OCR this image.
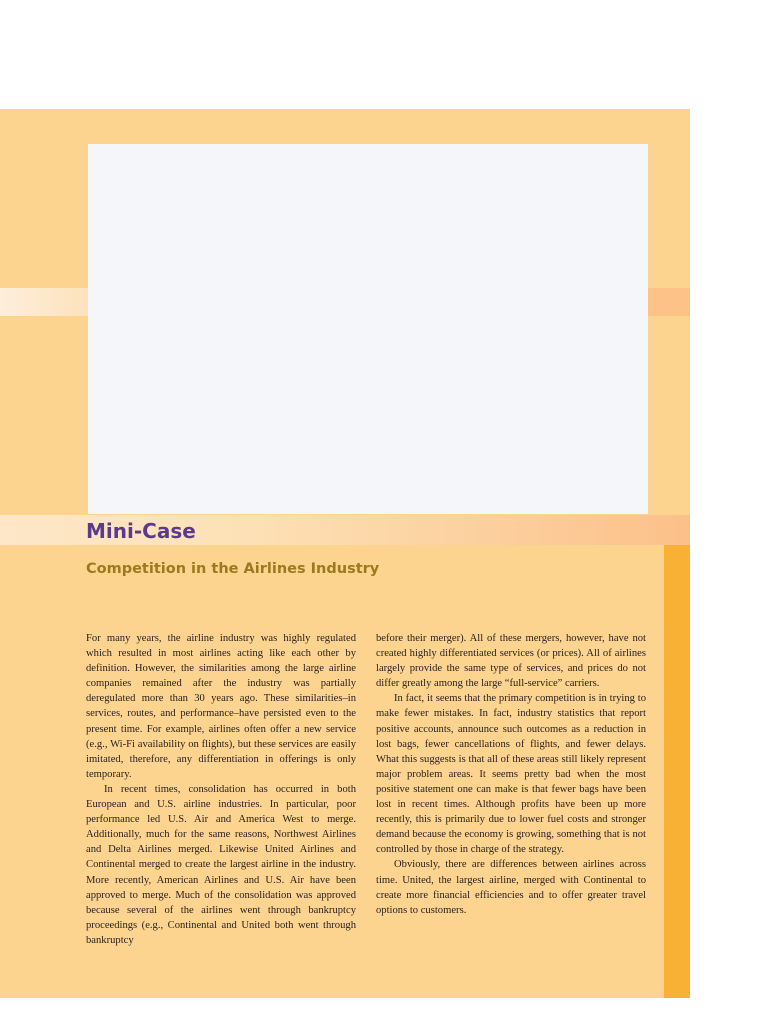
Mini-Case
Competition in the Airlines Industry

For many years, the airline industry was highly regulated which resulted in most airlines acting like each other by definition. However, the similarities among the large airline companies remained after the industry was partially deregulated more than 30 years ago. These similarities–in services, routes, and performance–have persisted even to the present time. For example, airlines often offer a new service (e.g., Wi-Fi availability on flights), but these services are easily imitated, therefore, any differentiation in offerings is only temporary.

In recent times, consolidation has occurred in both European and U.S. airline industries. In particular, poor performance led U.S. Air and America West to merge. Additionally, much for the same reasons, Northwest Airlines and Delta Airlines merged. Likewise United Airlines and Continental merged to create the largest airline in the industry. More recently, American Airlines and U.S. Air have been approved to merge. Much of the consolidation was approved because several of the airlines went through bankruptcy proceedings (e.g., Continental and United both went through bankruptcy

before their merger). All of these mergers, however, have not created highly differentiated services (or prices). All of airlines largely provide the same type of services, and prices do not differ greatly among the large “full-service” carriers.

In fact, it seems that the primary competition is in trying to make fewer mistakes. In fact, industry statistics that report positive accounts, announce such outcomes as a reduction in lost bags, fewer cancellations of flights, and fewer delays. What this suggests is that all of these areas still likely represent major problem areas. It seems pretty bad when the most positive statement one can make is that fewer bags have been lost in recent times. Although profits have been up more recently, this is primarily due to lower fuel costs and stronger demand because the economy is growing, something that is not controlled by those in charge of the strategy.

Obviously, there are differences between airlines across time. United, the largest airline, merged with Continental to create more financial efficiencies and to offer greater travel options to customers.
